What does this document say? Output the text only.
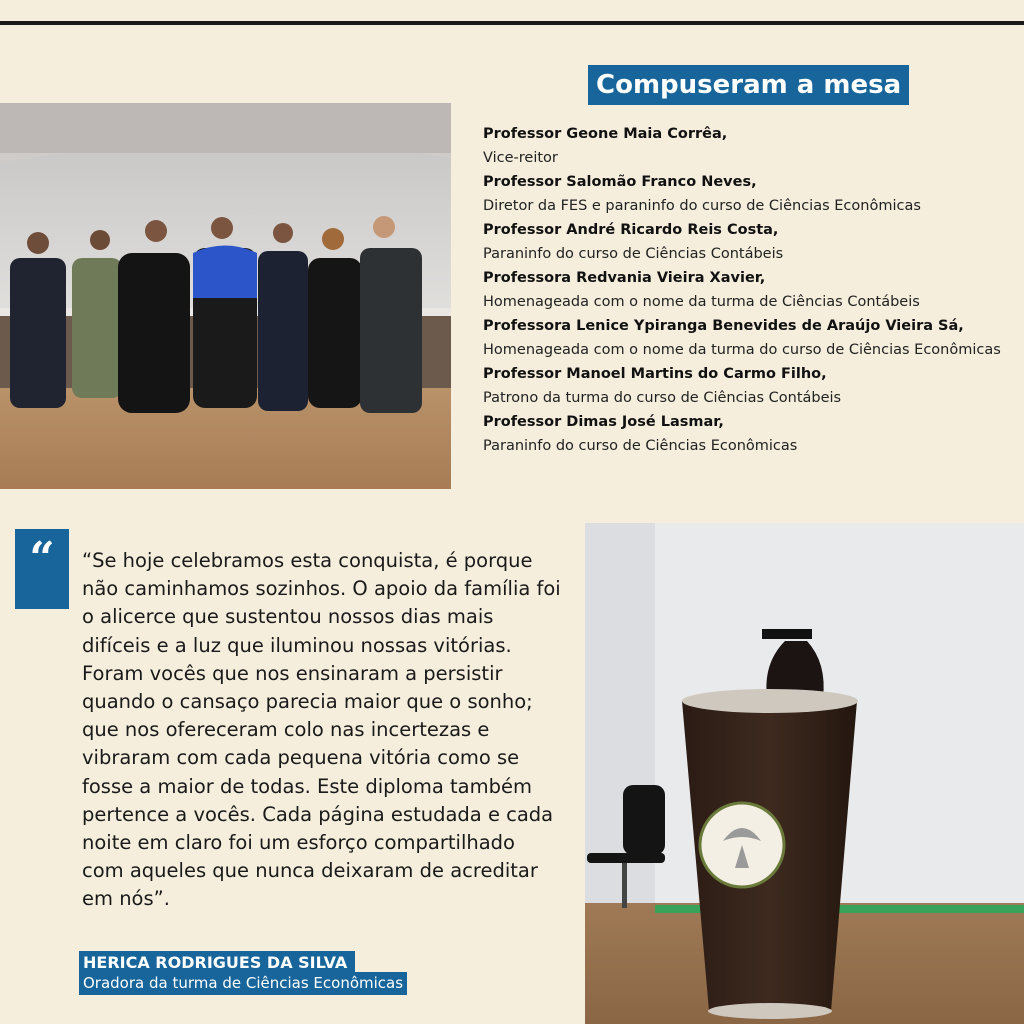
Compuseram a mesa
Professor Geone Maia Corrêa,
Vice-reitor
Professor Salomão Franco Neves,
Diretor da FES e paraninfo do curso de Ciências Econômicas
Professor André Ricardo Reis Costa,
Paraninfo do curso de Ciências Contábeis
Professora Redvania Vieira Xavier,
Homenageada com o nome da turma de Ciências Contábeis
Professora Lenice Ypiranga Benevides de Araújo Vieira Sá,
Homenageada com o nome da turma do curso de Ciências Econômicas
Professor Manoel Martins do Carmo Filho,
Patrono da turma do curso de Ciências Contábeis
Professor Dimas José Lasmar,
Paraninfo do curso de Ciências Econômicas
“	“Se hoje celebramos esta conquista, é porque não caminhamos sozinhos. O apoio da família foi o alicerce que sustentou nossos dias mais difíceis e a luz que iluminou nossas vitórias. Foram vocês que nos ensinaram a persistir quando o cansaço parecia maior que o sonho; que nos ofereceram colo nas incertezas e vibraram com cada pequena vitória como se fosse a maior de todas. Este diploma também pertence a vocês. Cada página estudada e cada noite em claro foi um esforço compartilhado com aqueles que nunca deixaram de acreditar em nós”.
HERICA RODRIGUES DA SILVA
Oradora da turma de Ciências Econômicas
